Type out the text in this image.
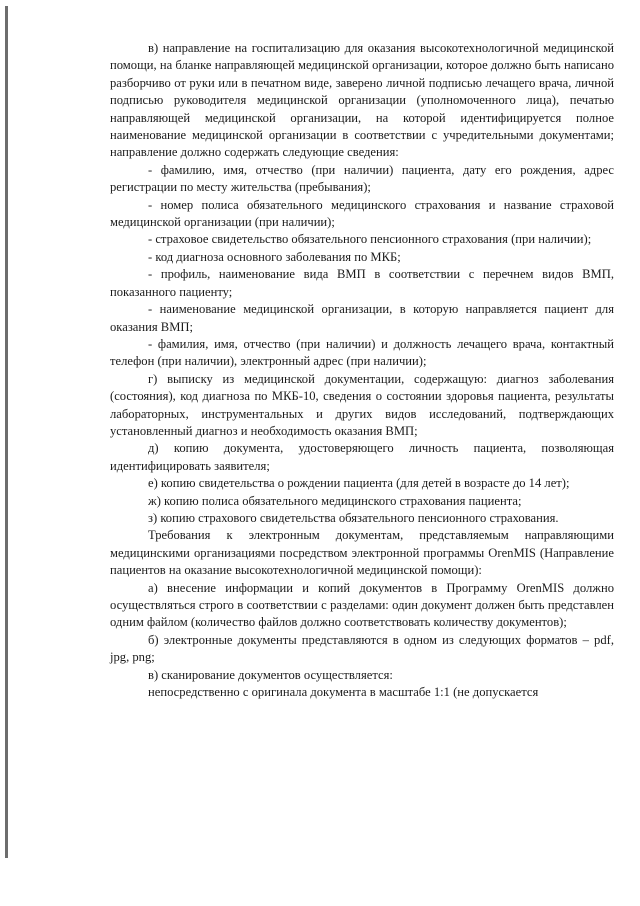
в) направление на госпитализацию для оказания высокотехнологичной медицинской помощи, на бланке направляющей медицинской организации, которое должно быть написано разборчиво от руки или в печатном виде, заверено личной подписью лечащего врача, личной подписью руководителя медицинской организации (уполномоченного лица), печатью направляющей медицинской организации, на которой идентифицируется полное наименование медицинской организации в соответствии с учредительными документами; направление должно содержать следующие сведения:

- фамилию, имя, отчество (при наличии) пациента, дату его рождения, адрес регистрации по месту жительства (пребывания);

- номер полиса обязательного медицинского страхования и название страховой медицинской организации (при наличии);

- страховое свидетельство обязательного пенсионного страхования (при наличии);

- код диагноза основного заболевания по МКБ;

- профиль, наименование вида ВМП в соответствии с перечнем видов ВМП, показанного пациенту;

- наименование медицинской организации, в которую направляется пациент для оказания ВМП;

- фамилия, имя, отчество (при наличии) и должность лечащего врача, контактный телефон (при наличии), электронный адрес (при наличии);

г) выписку из медицинской документации, содержащую: диагноз заболевания (состояния), код диагноза по МКБ-10, сведения о состоянии здоровья пациента, результаты лабораторных, инструментальных и других видов исследований, подтверждающих установленный диагноз и необходимость оказания ВМП;

д) копию документа, удостоверяющего личность пациента, позволяющая идентифицировать заявителя;

е) копию свидетельства о рождении пациента (для детей в возрасте до 14 лет);

ж) копию полиса обязательного медицинского страхования пациента;

з) копию страхового свидетельства обязательного пенсионного страхования.

Требования к электронным документам, представляемым направляющими медицинскими организациями посредством электронной программы OrenMIS (Направление пациентов на оказание высокотехнологичной медицинской помощи):

а) внесение информации и копий документов в Программу OrenMIS должно осуществляться строго в соответствии с разделами: один документ должен быть представлен одним файлом (количество файлов должно соответствовать количеству документов);

б) электронные документы представляются в одном из следующих форматов – pdf, jpg, png;

в) сканирование документов осуществляется:

непосредственно с оригинала документа в масштабе 1:1 (не допускается
